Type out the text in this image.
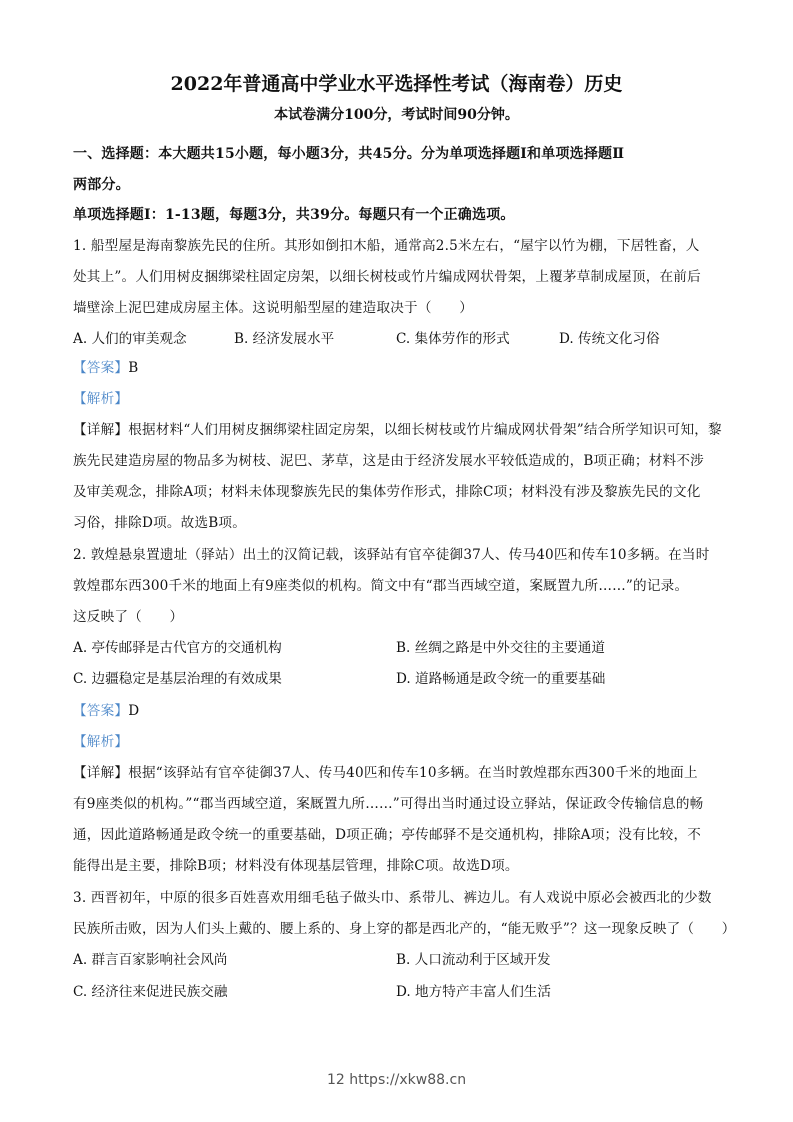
2022年普通高中学业水平选择性考试（海南卷）历史
本试卷满分100分，考试时间90分钟。
一、选择题：本大题共15小题，每小题3分，共45分。分为单项选择题Ⅰ和单项选择题Ⅱ
两部分。
单项选择题Ⅰ：1-13题，每题3分，共39分。每题只有一个正确选项。
1. 船型屋是海南黎族先民的住所。其形如倒扣木船，通常高2.5米左右，“屋宇以竹为棚，下居牲畜，人
处其上”。人们用树皮捆绑梁柱固定房架，以细长树枝或竹片编成网状骨架，上覆茅草制成屋顶，在前后
墙壁涂上泥巴建成房屋主体。这说明船型屋的建造取决于（　　）
A. 人们的审美观念	B. 经济发展水平	C. 集体劳作的形式	D. 传统文化习俗
【答案】B
【解析】
【详解】根据材料“人们用树皮捆绑梁柱固定房架，以细长树枝或竹片编成网状骨架”结合所学知识可知，黎
族先民建造房屋的物品多为树枝、泥巴、茅草，这是由于经济发展水平较低造成的，B项正确；材料不涉
及审美观念，排除A项；材料未体现黎族先民的集体劳作形式，排除C项；材料没有涉及黎族先民的文化
习俗，排除D项。故选B项。
2. 敦煌悬泉置遗址（驿站）出土的汉简记载，该驿站有官卒徒御37人、传马40匹和传车10多辆。在当时
敦煌郡东西300千米的地面上有9座类似的机构。简文中有“郡当西域空道，案厩置九所……”的记录。
这反映了（　　）
A. 亭传邮驿是古代官方的交通机构	B. 丝绸之路是中外交往的主要通道
C. 边疆稳定是基层治理的有效成果	D. 道路畅通是政令统一的重要基础
【答案】D
【解析】
【详解】根据“该驿站有官卒徒御37人、传马40匹和传车10多辆。在当时敦煌郡东西300千米的地面上
有9座类似的机构。”“郡当西域空道，案厩置九所……”可得出当时通过设立驿站，保证政令传输信息的畅
通，因此道路畅通是政令统一的重要基础，D项正确；亭传邮驿不是交通机构，排除A项；没有比较，不
能得出是主要，排除B项；材料没有体现基层管理，排除C项。故选D项。
3. 西晋初年，中原的很多百姓喜欢用细毛毡子做头巾、系带儿、裤边儿。有人戏说中原必会被西北的少数
民族所击败，因为人们头上戴的、腰上系的、身上穿的都是西北产的，“能无败乎”？这一现象反映了（　　）
A. 群言百家影响社会风尚	B. 人口流动利于区域开发
C. 经济往来促进民族交融	D. 地方特产丰富人们生活
12 https://xkw88.cn
